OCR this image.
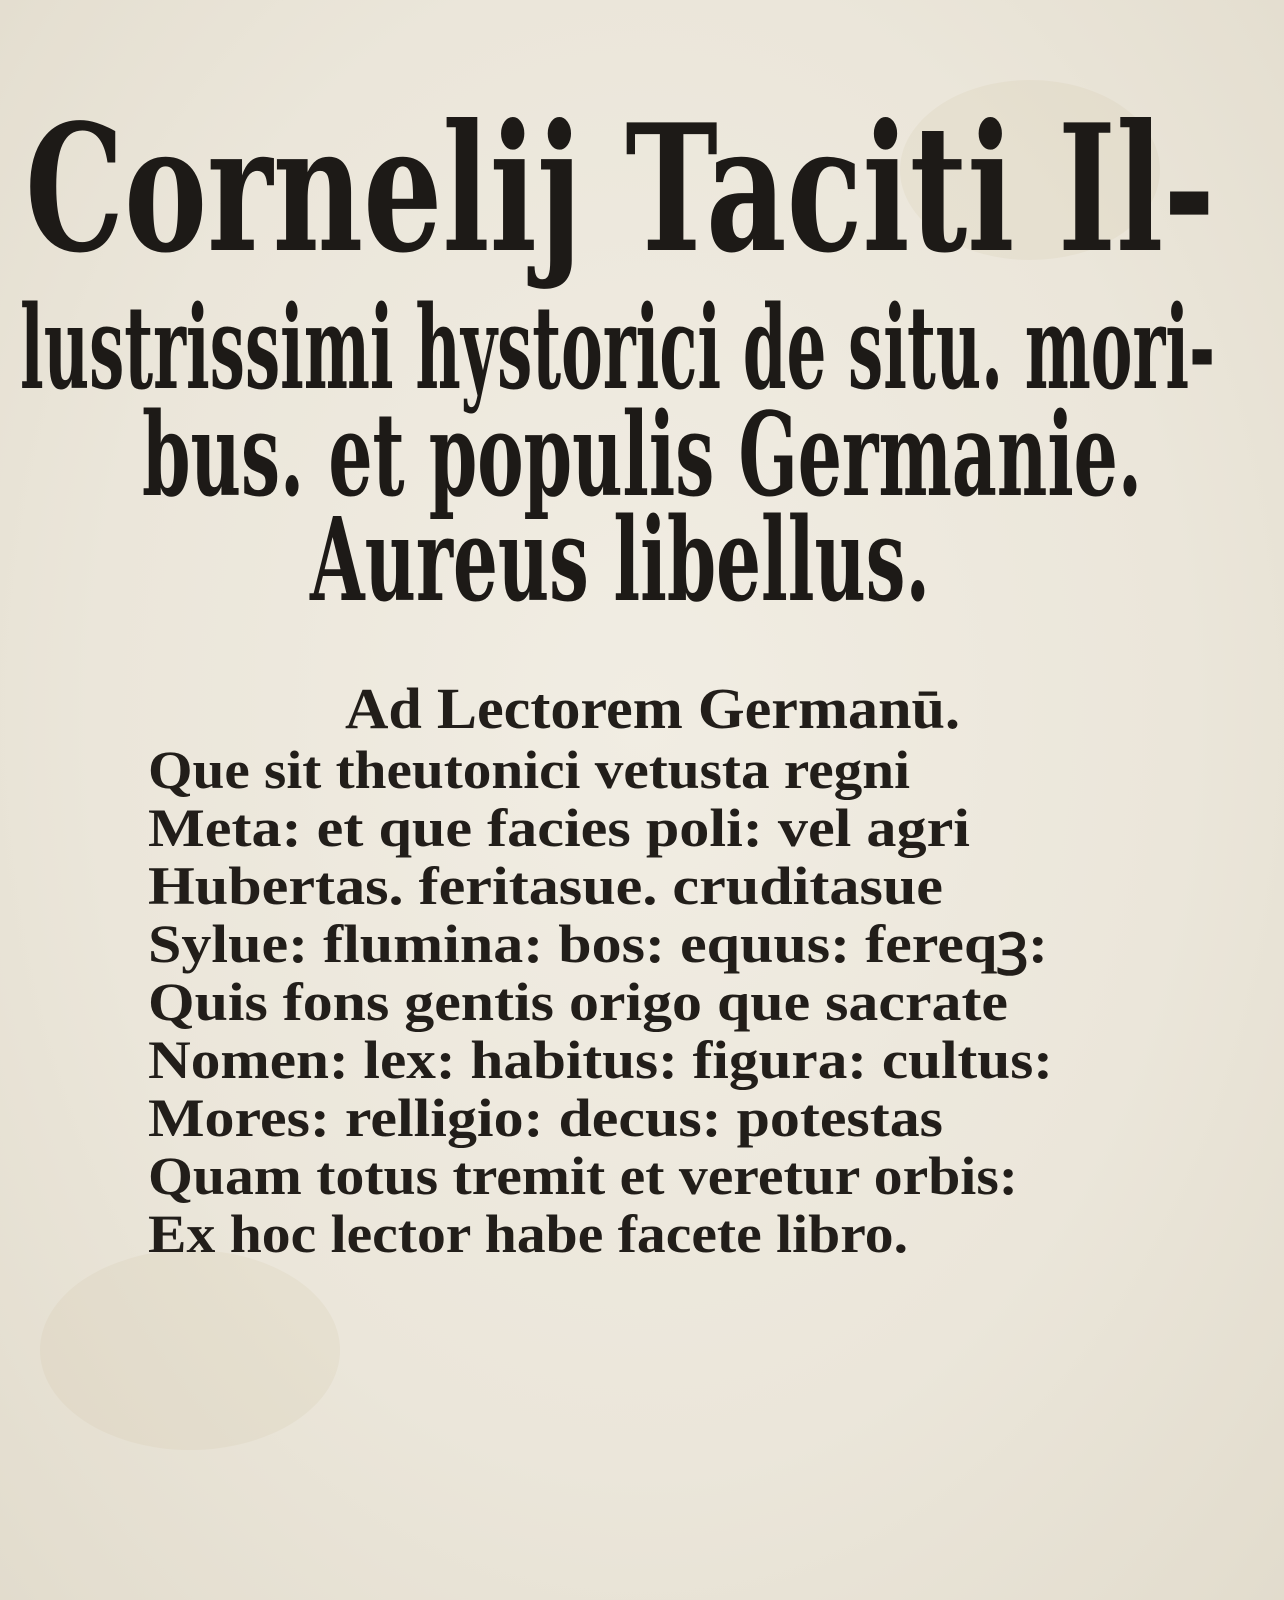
Cornelij Taciti Il-
lustrissimi hystorici de situ. mori-
bus. et populis Germanie.
Aureus libellus.
Ad Lectorem Germanū.
Que sit theutonici vetusta regni
Meta: et que facies poli: vel agri
Hubertas. feritasue. cruditasue
Sylue: flumina: bos: equus: fereqꝫ:
Quis fons gentis origo que sacrate
Nomen: lex: habitus: figura: cultus:
Mores: relligio: decus: potestas
Quam totus tremit et veretur orbis:
Ex hoc lector habe facete libro.
